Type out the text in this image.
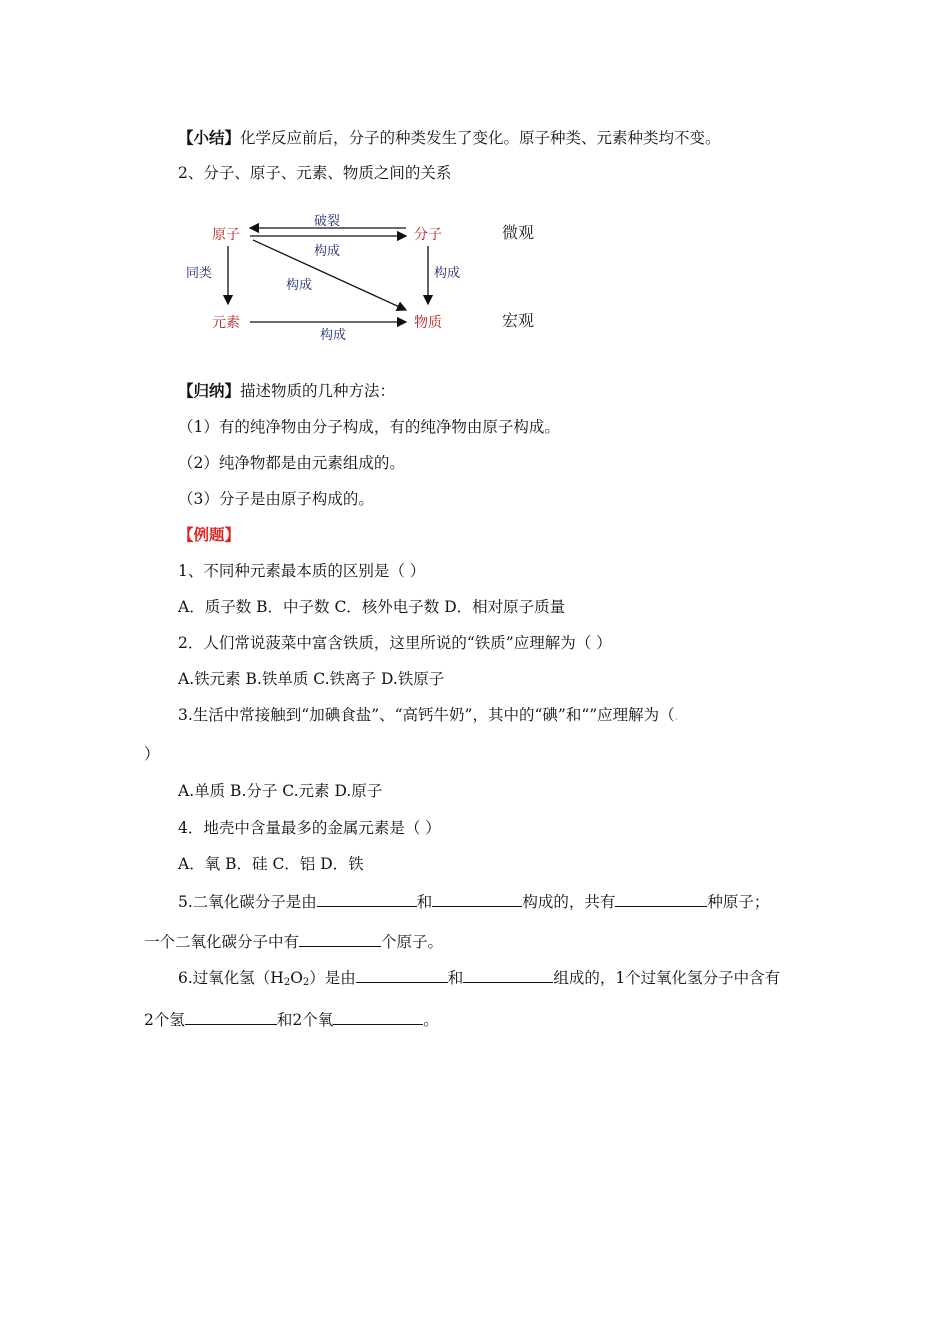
【小结】化学反应前后，分子的种类发生了变化。原子种类、元素种类均不变。
2、分子、原子、元素、物质之间的关系
原子	分子
元素	物质
破裂
构成
同类
构成
构成
构成
微观
宏观
【归纳】描述物质的几种方法：
（1）有的纯净物由分子构成，有的纯净物由原子构成。
（2）纯净物都是由元素组成的。
（3）分子是由原子构成的。
【例题】
1、不同种元素最本质的区别是（ ）
A．质子数 B．中子数 C．核外电子数 D．相对原子质量
2．人们常说菠菜中富含铁质，这里所说的“铁质”应理解为（ ）
A.铁元素 B.铁单质 C.铁离子 D.铁原子
3.生活中常接触到“加碘食盐”、“高钙牛奶”，其中的“碘”和“”应理解为（.
）
A.单质 B.分子 C.元素 D.原子
4．地壳中含量最多的金属元素是（ ）
A．氧 B．硅 C．铝 D．铁
5.二氧化碳分子是由	和	构成的，共有	种原子；
一个二氧化碳分子中有	个原子。
6.过氧化氢$(H_2O_2)$是由	和	组成的，1个过氧化氢分子中含有
2个氢	和2个氧	。
